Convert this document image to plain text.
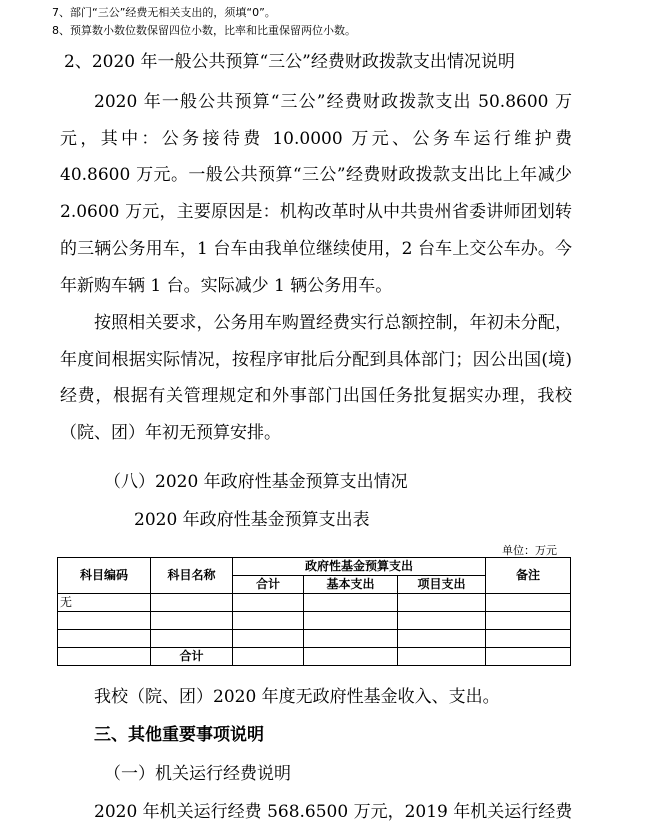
7、部门“三公”经费无相关支出的，须填“0”。
8、预算数小数位数保留四位小数，比率和比重保留两位小数。
2、2020 年一般公共预算“三公”经费财政拨款支出情况说明

2020 年一般公共预算“三公”经费财政拨款支出 50.8600 万元，其中：公务接待费 10.0000 万元、公务车运行维护费 40.8600 万元。一般公共预算“三公”经费财政拨款支出比上年减少 2.0600 万元，主要原因是：机构改革时从中共贵州省委讲师团划转的三辆公务用车，1 台车由我单位继续使用，2 台车上交公车办。今年新购车辆 1 台。实际减少 1 辆公务用车。

按照相关要求，公务用车购置经费实行总额控制，年初未分配，年度间根据实际情况，按程序审批后分配到具体部门；因公出国(境)经费，根据有关管理规定和外事部门出国任务批复据实办理，我校（院、团）年初无预算安排。

（八）2020 年政府性基金预算支出情况
2020 年政府性基金预算支出表
单位：万元
科目编码	科目名称	政府性基金预算支出			备注
		合计	基本支出	项目支出	
无					

	合计				
我校（院、团）2020 年度无政府性基金收入、支出。
三、其他重要事项说明
（一）机关运行经费说明
2020 年机关运行经费 568.6500 万元，2019 年机关运行经费
